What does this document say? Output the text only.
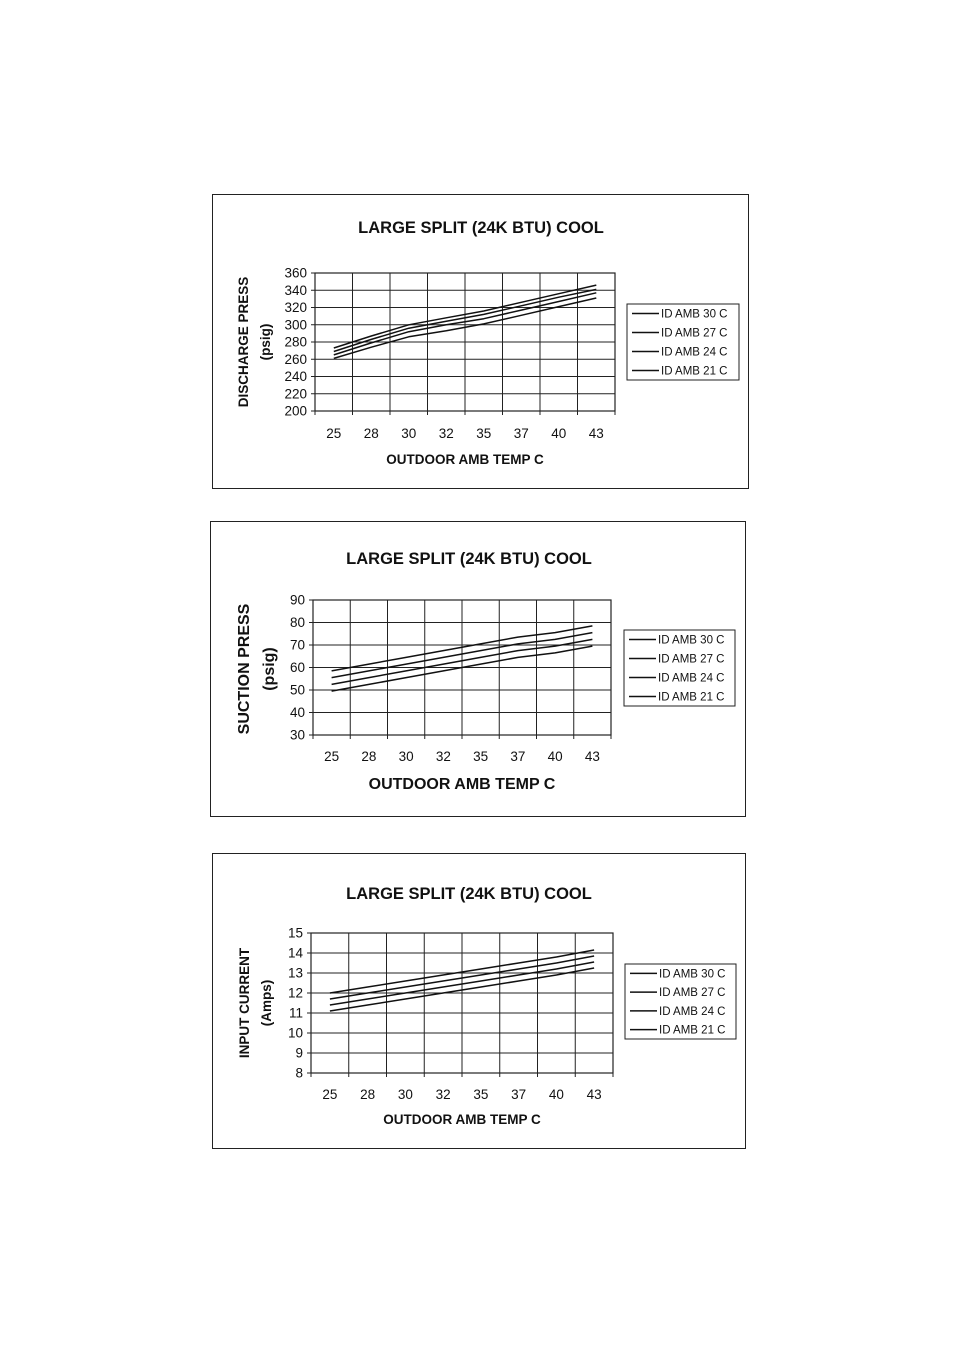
LARGE SPLIT (24K BTU) COOL
200
220
240
260
280
300
320
340
360
25 28 30 32 35 37 40 43
OUTDOOR AMB TEMP C
DISCHARGE PRESS (psig)
ID AMB 30 C
ID AMB 27 C
ID AMB 24 C
ID AMB 21 C
LARGE SPLIT (24K BTU) COOL
30
40
50
60
70
80
90
25 28 30 32 35 37 40 43
OUTDOOR AMB TEMP C
SUCTION PRESS (psig)
ID AMB 30 C
ID AMB 27 C
ID AMB 24 C
ID AMB 21 C
LARGE SPLIT (24K BTU) COOL
8
9
10
11
12
13
14
15
25 28 30 32 35 37 40 43
OUTDOOR AMB TEMP C
INPUT CURRENT (Amps)
ID AMB 30 C
ID AMB 27 C
ID AMB 24 C
ID AMB 21 C
